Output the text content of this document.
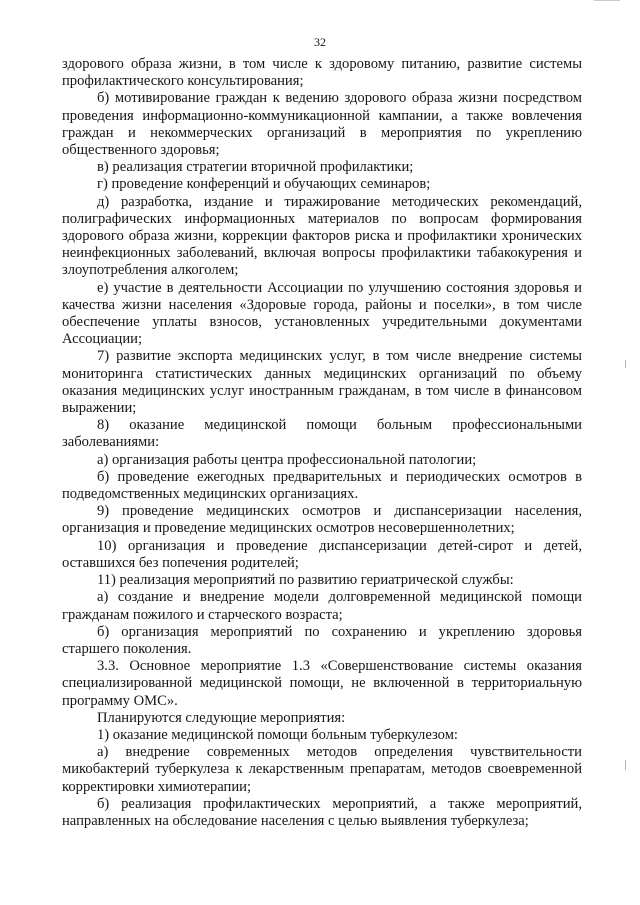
32

здорового образа жизни, в том числе к здоровому питанию, развитие системы профилактического консультирования;

б) мотивирование граждан к ведению здорового образа жизни посредством проведения информационно-коммуникационной кампании, а также вовлечения граждан и некоммерческих организаций в мероприятия по укреплению общественного здоровья;

в) реализация стратегии вторичной профилактики;

г) проведение конференций и обучающих семинаров;

д) разработка, издание и тиражирование методических рекомендаций, полиграфических информационных материалов по вопросам формирования здорового образа жизни, коррекции факторов риска и профилактики хронических неинфекционных заболеваний, включая вопросы профилактики табакокурения и злоупотребления алкоголем;

е) участие в деятельности Ассоциации по улучшению состояния здоровья и качества жизни населения «Здоровые города, районы и поселки», в том числе обеспечение уплаты взносов, установленных учредительными документами Ассоциации;

7) развитие экспорта медицинских услуг, в том числе внедрение системы мониторинга статистических данных медицинских организаций по объему оказания медицинских услуг иностранным гражданам, в том числе в финансовом выражении;

8) оказание медицинской помощи больным профессиональными заболеваниями:

а) организация работы центра профессиональной патологии;

б) проведение ежегодных предварительных и периодических осмотров в подведомственных медицинских организациях.

9) проведение медицинских осмотров и диспансеризации населения, организация и проведение медицинских осмотров несовершеннолетних;

10) организация и проведение диспансеризации детей-сирот и детей, оставшихся без попечения родителей;

11) реализация мероприятий по развитию гериатрической службы:

а) создание и внедрение модели долговременной медицинской помощи гражданам пожилого и старческого возраста;

б) организация мероприятий по сохранению и укреплению здоровья старшего поколения.

3.3. Основное мероприятие 1.3 «Совершенствование системы оказания специализированной медицинской помощи, не включенной в территориальную программу ОМС».

Планируются следующие мероприятия:

1) оказание медицинской помощи больным туберкулезом:

а) внедрение современных методов определения чувствительности микобактерий туберкулеза к лекарственным препаратам, методов своевременной корректировки химиотерапии;

б) реализация профилактических мероприятий, а также мероприятий, направленных на обследование населения с целью выявления туберкулеза;
